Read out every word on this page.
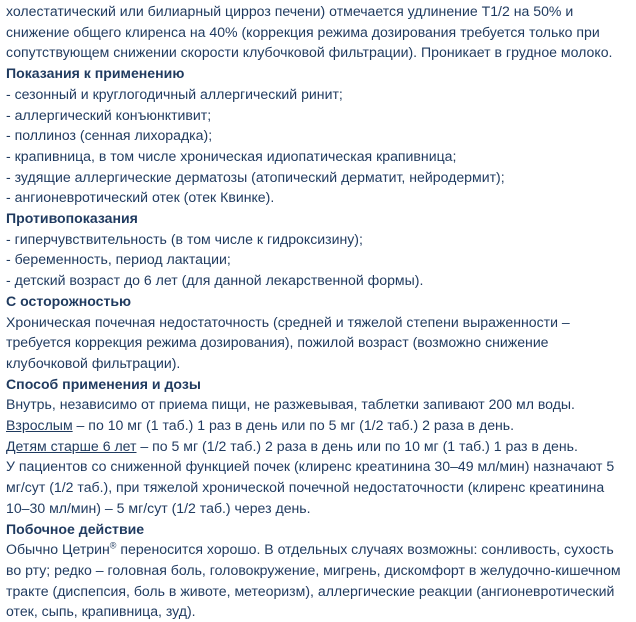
холестатический или билиарный цирроз печени) отмечается удлинение T1/2 на 50% и снижение общего клиренса на 40% (коррекция режима дозирования требуется только при сопутствующем снижении скорости клубочковой фильтрации). Проникает в грудное молоко.

Показания к применению

- сезонный и круглогодичный аллергический ринит;

- аллергический конъюнктивит;

- поллиноз (сенная лихорадка);

- крапивница, в том числе хроническая идиопатическая крапивница;

- зудящие аллергические дерматозы (атопический дерматит, нейродермит);

- ангионевротический отек (отек Квинке).

Противопоказания

- гиперчувствительность (в том числе к гидроксизину);

- беременность, период лактации;

- детский возраст до 6 лет (для данной лекарственной формы).

С осторожностью

Хроническая почечная недостаточность (средней и тяжелой степени выраженности – требуется коррекция режима дозирования), пожилой возраст (возможно снижение клубочковой фильтрации).

Способ применения и дозы

Внутрь, независимо от приема пищи, не разжевывая, таблетки запивают 200 мл воды.

Взрослым – по 10 мг (1 таб.) 1 раз в день или по 5 мг (1/2 таб.) 2 раза в день.

Детям старше 6 лет – по 5 мг (1/2 таб.) 2 раза в день или по 10 мг (1 таб.) 1 раз в день.

У пациентов со сниженной функцией почек (клиренс креатинина 30–49 мл/мин) назначают 5 мг/сут (1/2 таб.), при тяжелой хронической почечной недостаточности (клиренс креатинина 10–30 мл/мин) – 5 мг/сут (1/2 таб.) через день.

Побочное действие

Обычно Цетрин® переносится хорошо. В отдельных случаях возможны: сонливость, сухость во рту; редко – головная боль, головокружение, мигрень, дискомфорт в желудочно-кишечном тракте (диспепсия, боль в животе, метеоризм), аллергические реакции (ангионевротический отек, сыпь, крапивница, зуд).
